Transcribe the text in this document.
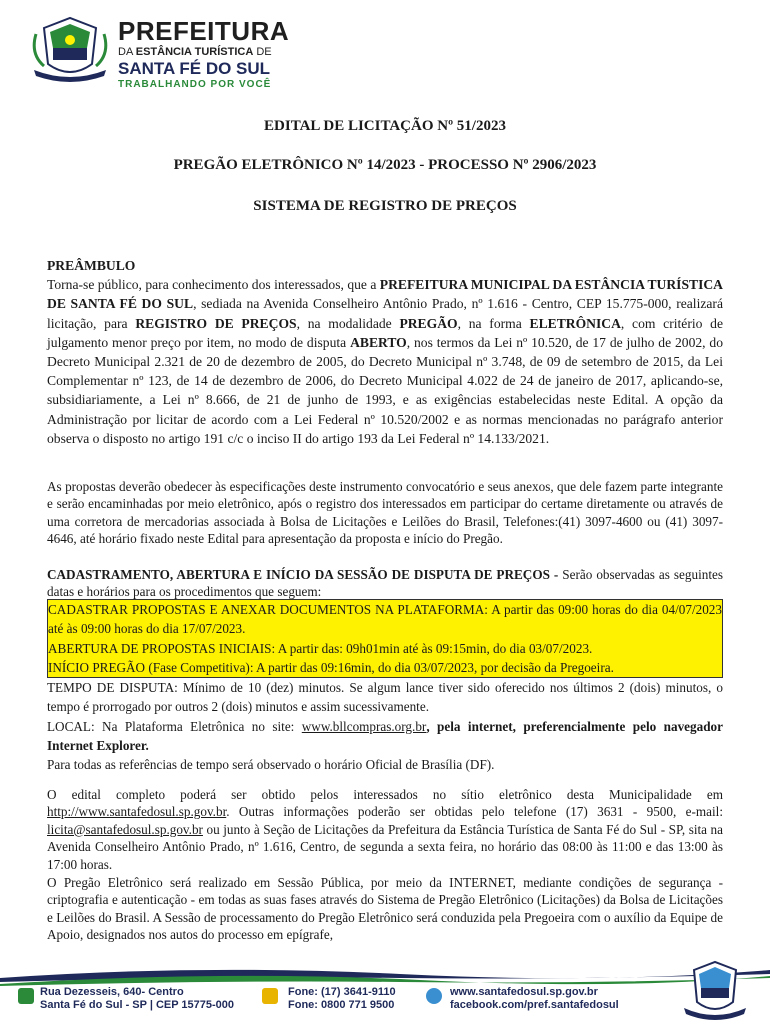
PREFEITURA
DA ESTÂNCIA TURÍSTICA DE
SANTA FÉ DO SUL
TRABALHANDO POR VOCÊ
EDITAL DE LICITAÇÃO Nº 51/2023
PREGÃO ELETRÔNICO Nº 14/2023 - PROCESSO Nº 2906/2023
SISTEMA DE REGISTRO DE PREÇOS

PREÂMBULO

Torna-se público, para conhecimento dos interessados, que a PREFEITURA MUNICIPAL DA ESTÂNCIA TURÍSTICA DE SANTA FÉ DO SUL, sediada na Avenida Conselheiro Antônio Prado, nº 1.616 - Centro, CEP 15.775-000, realizará licitação, para REGISTRO DE PREÇOS, na modalidade PREGÃO, na forma ELETRÔNICA, com critério de julgamento menor preço por item, no modo de disputa ABERTO, nos termos da Lei nº 10.520, de 17 de julho de 2002, do Decreto Municipal 2.321 de 20 de dezembro de 2005, do Decreto Municipal nº 3.748, de 09 de setembro de 2015, da Lei Complementar nº 123, de 14 de dezembro de 2006, do Decreto Municipal 4.022 de 24 de janeiro de 2017, aplicando-se, subsidiariamente, a Lei nº 8.666, de 21 de junho de 1993, e as exigências estabelecidas neste Edital. A opção da Administração por licitar de acordo com a Lei Federal nº 10.520/2002 e as normas mencionadas no parágrafo anterior observa o disposto no artigo 191 c/c o inciso II do artigo 193 da Lei Federal nº 14.133/2021.

As propostas deverão obedecer às especificações deste instrumento convocatório e seus anexos, que dele fazem parte integrante e serão encaminhadas por meio eletrônico, após o registro dos interessados em participar do certame diretamente ou através de uma corretora de mercadorias associada à Bolsa de Licitações e Leilões do Brasil, Telefones:(41) 3097-4600 ou (41) 3097-4646, até horário fixado neste Edital para apresentação da proposta e início do Pregão.
CADASTRAMENTO, ABERTURA E INÍCIO DA SESSÃO DE DISPUTA DE PREÇOS - Serão observadas as seguintes datas e horários para os procedimentos que seguem:
CADASTRAR PROPOSTAS E ANEXAR DOCUMENTOS NA PLATAFORMA: A partir das 09:00 horas do dia 04/07/2023 até às 09:00 horas do dia 17/07/2023.
ABERTURA DE PROPOSTAS INICIAIS: A partir das: 09h01min até às 09:15min, do dia 03/07/2023.
INÍCIO PREGÃO (Fase Competitiva): A partir das 09:16min, do dia 03/07/2023, por decisão da Pregoeira.
TEMPO DE DISPUTA: Mínimo de 10 (dez) minutos. Se algum lance tiver sido oferecido nos últimos 2 (dois) minutos, o tempo é prorrogado por outros 2 (dois) minutos e assim sucessivamente.
LOCAL: Na Plataforma Eletrônica no site: www.bllcompras.org.br, pela internet, preferencialmente pelo navegador Internet Explorer.
Para todas as referências de tempo será observado o horário Oficial de Brasília (DF).
O edital completo poderá ser obtido pelos interessados no sítio eletrônico desta Municipalidade em http://www.santafedosul.sp.gov.br. Outras informações poderão ser obtidas pelo telefone (17) 3631 - 9500, e-mail: licita@santafedosul.sp.gov.br ou junto à Seção de Licitações da Prefeitura da Estância Turística de Santa Fé do Sul - SP, sita na Avenida Conselheiro Antônio Prado, nº 1.616, Centro, de segunda a sexta feira, no horário das 08:00 às 11:00 e das 13:00 às 17:00 horas.
O Pregão Eletrônico será realizado em Sessão Pública, por meio da INTERNET, mediante condições de segurança - criptografia e autenticação - em todas as suas fases através do Sistema de Pregão Eletrônico (Licitações) da Bolsa de Licitações e Leilões do Brasil. A Sessão de processamento do Pregão Eletrônico será conduzida pela Pregoeira com o auxílio da Equipe de Apoio, designados nos autos do processo em epígrafe,
Rua Dezesseis, 640- Centro
Santa Fé do Sul - SP | CEP 15775-000
Fone: (17) 3641-9110
Fone: 0800 771 9500
www.santafedosul.sp.gov.br
facebook.com/pref.santafedosul
